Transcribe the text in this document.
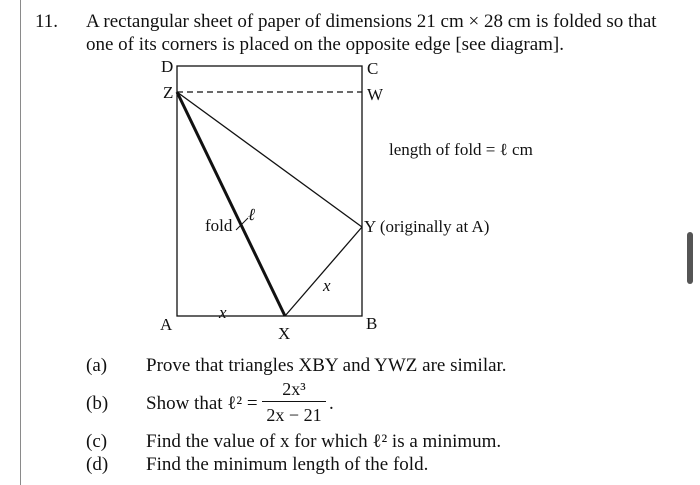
11. A rectangular sheet of paper of dimensions 21 cm × 28 cm is folded so that
one of its corners is placed on the opposite edge [see diagram].
D	C
Z	W
length of fold = ℓ cm
fold
ℓ
Y (originally at A)
x
x
A	B
X
(a) Prove that triangles XBY and YWZ are similar.
(b) Show that ℓ² =
2x³
2x − 21
.
(c) Find the value of x for which ℓ² is a minimum.
(d) Find the minimum length of the fold.
